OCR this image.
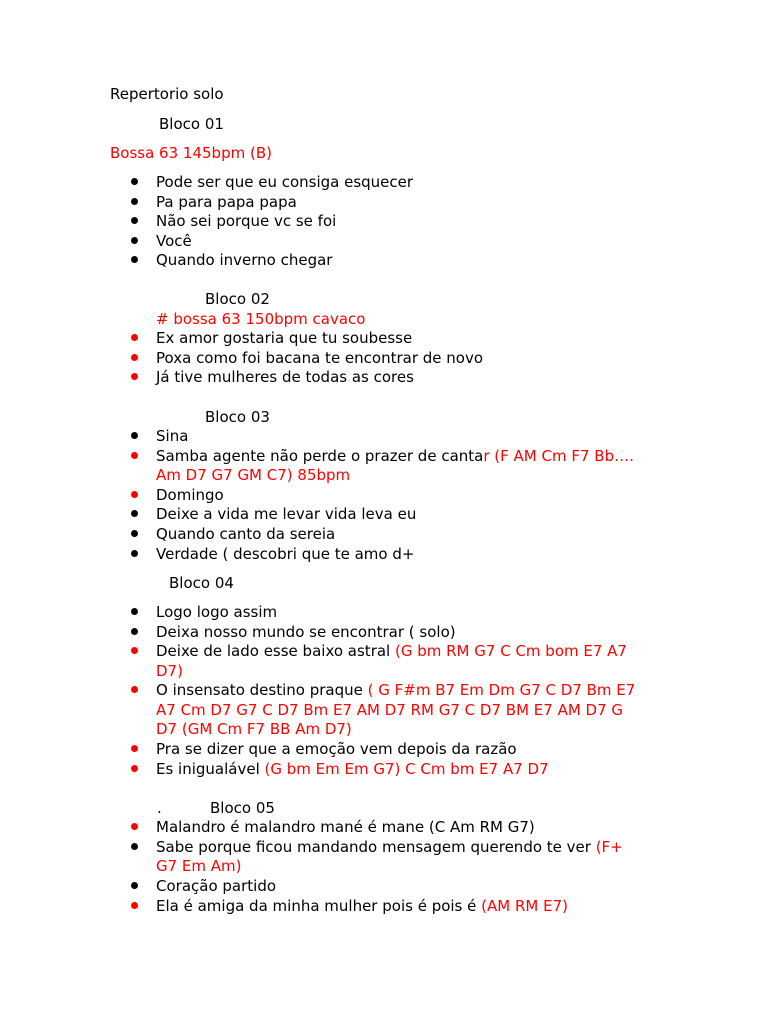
Repertorio solo
Bloco 01
Bossa 63 145bpm (B)
Pode ser que eu consiga esquecer
Pa para papa papa
Não sei porque vc se foi
Você
Quando inverno chegar
Bloco 02
# bossa 63 150bpm cavaco
Ex amor gostaria que tu soubesse
Poxa como foi bacana te encontrar de novo
Já tive mulheres de todas as cores
Bloco 03
Sina
Samba agente não perde o prazer de cantar (F AM Cm F7 Bb….
Am D7 G7 GM C7) 85bpm
Domingo
Deixe a vida me levar vida leva eu
Quando canto da sereia
Verdade ( descobri que te amo d+
Bloco 04
Logo logo assim
Deixa nosso mundo se encontrar ( solo)
Deixe de lado esse baixo astral (G bm RM G7 C Cm bom E7 A7
D7)
O insensato destino praque ( G F#m B7 Em Dm G7 C D7 Bm E7
A7 Cm D7 G7 C D7 Bm E7 AM D7 RM G7 C D7 BM E7 AM D7 G
D7 (GM Cm F7 BB Am D7)
Pra se dizer que a emoção vem depois da razão
Es inigualável (G bm Em Em G7) C Cm bm E7 A7 D7
.	Bloco 05
Malandro é malandro mané é mane (C Am RM G7)
Sabe porque ficou mandando mensagem querendo te ver (F+
G7 Em Am)
Coração partido
Ela é amiga da minha mulher pois é pois é (AM RM E7)
